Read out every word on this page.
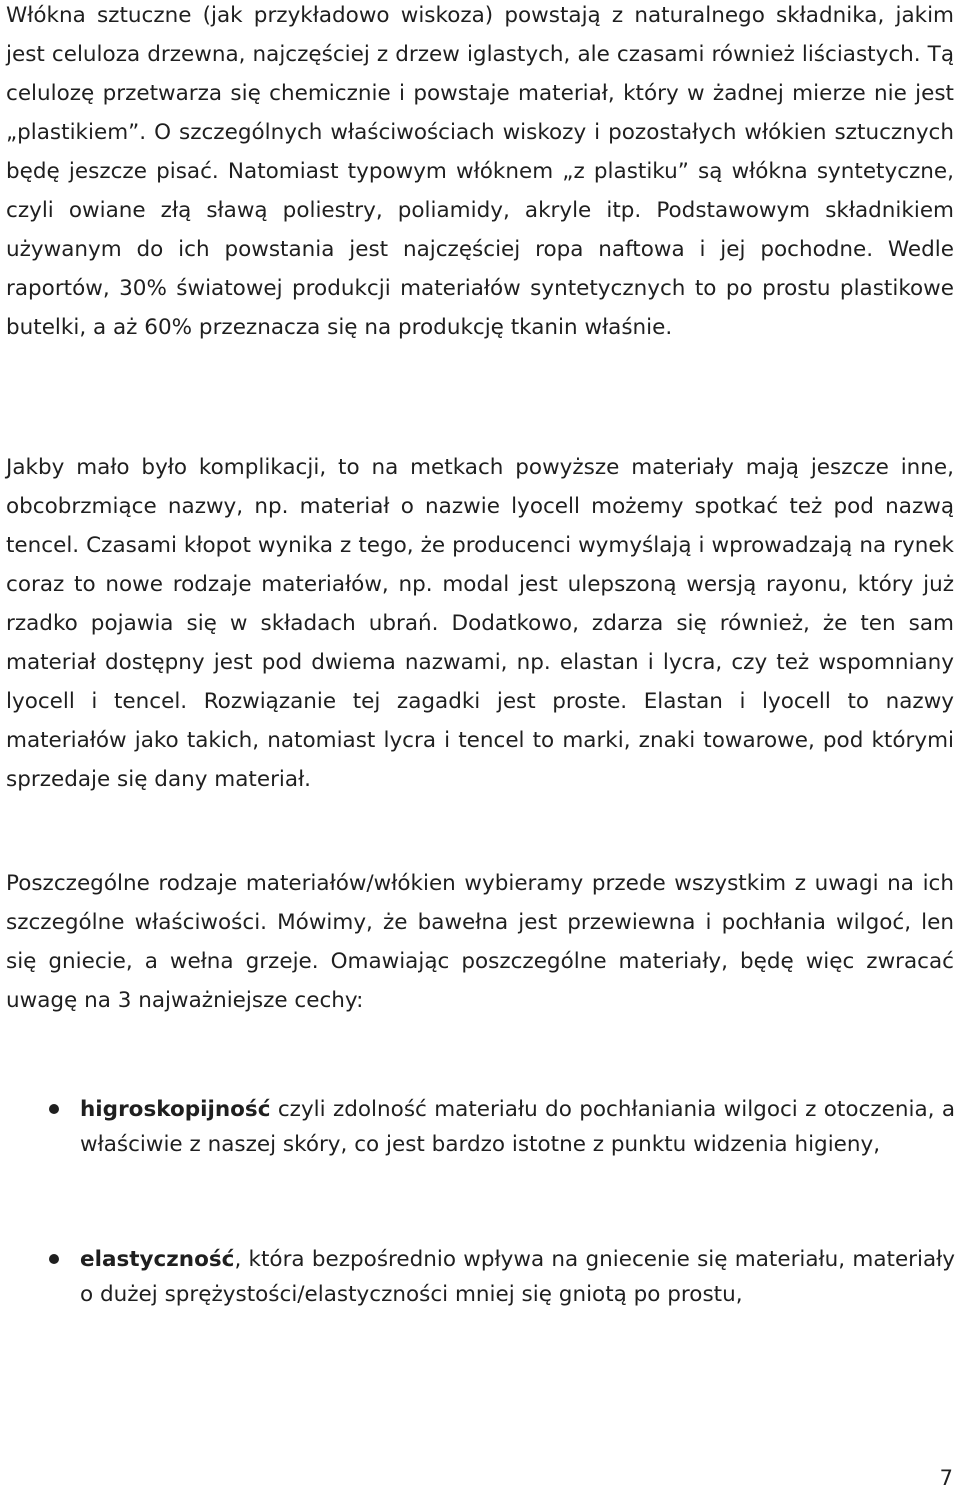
Włókna sztuczne (jak przykładowo wiskoza) powstają z naturalnego składnika, jakim jest celuloza drzewna, najczęściej z drzew iglastych, ale czasami również liściastych. Tą celulozę przetwarza się chemicznie i powstaje materiał, który w żadnej mierze nie jest „plastikiem”. O szczególnych właściwościach wiskozy i pozostałych włókien sztucznych będę jeszcze pisać. Natomiast typowym włóknem „z plastiku” są włókna syntetyczne, czyli owiane złą sławą poliestry, poliamidy, akryle itp. Podstawowym składnikiem używanym do ich powstania jest najczęściej ropa naftowa i jej pochodne. Wedle raportów, 30% światowej produkcji materiałów syntetycznych to po prostu plastikowe butelki, a aż 60% przeznacza się na produkcję tkanin właśnie.

Jakby mało było komplikacji, to na metkach powyższe materiały mają jeszcze inne, obcobrzmiące nazwy, np. materiał o nazwie lyocell możemy spotkać też pod nazwą tencel. Czasami kłopot wynika z tego, że producenci wymyślają i wprowadzają na rynek coraz to nowe rodzaje materiałów, np. modal jest ulepszoną wersją rayonu, który już rzadko pojawia się w składach ubrań. Dodatkowo, zdarza się również, że ten sam materiał dostępny jest pod dwiema nazwami, np. elastan i lycra, czy też wspomniany lyocell i tencel. Rozwiązanie tej zagadki jest proste. Elastan i lyocell to nazwy materiałów jako takich, natomiast lycra i tencel to marki, znaki towarowe, pod którymi sprzedaje się dany materiał.

Poszczególne rodzaje materiałów/włókien wybieramy przede wszystkim z uwagi na ich szczególne właściwości. Mówimy, że bawełna jest przewiewna i pochłania wilgoć, len się gniecie, a wełna grzeje. Omawiając poszczególne materiały, będę więc zwracać uwagę na 3 najważniejsze cechy:

higroskopijność czyli zdolność materiału do pochłaniania wilgoci z otoczenia, a właściwie z naszej skóry, co jest bardzo istotne z punktu widzenia higieny,
elastyczność, która bezpośrednio wpływa na gniecenie się materiału, materiały o dużej sprężystości/elastyczności mniej się gniotą po prostu,
7
